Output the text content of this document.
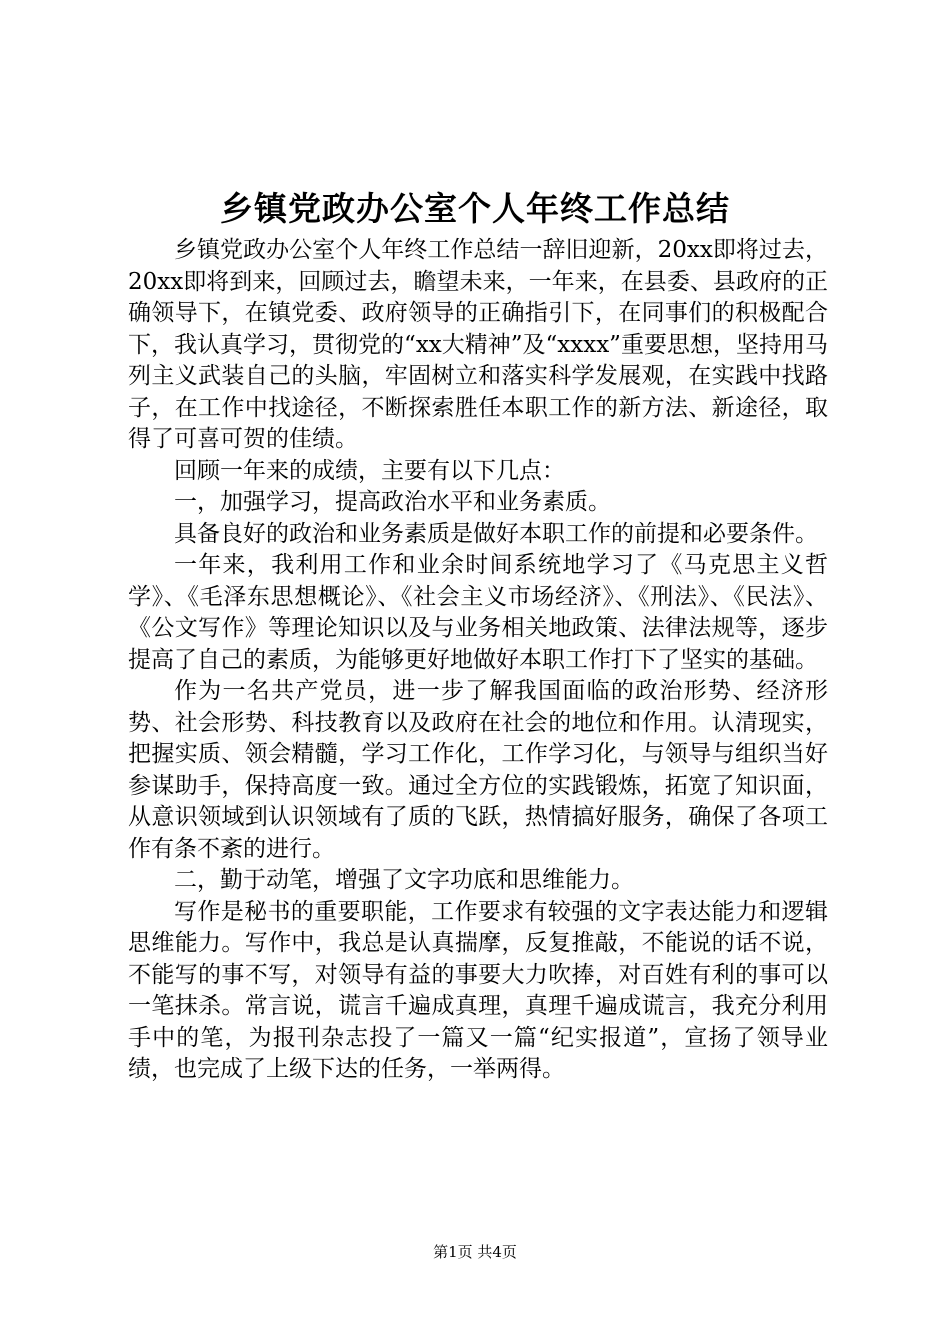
乡镇党政办公室个人年终工作总结

乡镇党政办公室个人年终工作总结一辞旧迎新，20xx即将过去，20xx即将到来，回顾过去，瞻望未来，一年来，在县委、县政府的正确领导下，在镇党委、政府领导的正确指引下，在同事们的积极配合下，我认真学习，贯彻党的“xx大精神”及“xxxx”重要思想，坚持用马列主义武装自己的头脑，牢固树立和落实科学发展观，在实践中找路子，在工作中找途径，不断探索胜任本职工作的新方法、新途径，取得了可喜可贺的佳绩。

回顾一年来的成绩，主要有以下几点：

一，加强学习，提高政治水平和业务素质。

具备良好的政治和业务素质是做好本职工作的前提和必要条件。

一年来，我利用工作和业余时间系统地学习了《马克思主义哲学》、《毛泽东思想概论》、《社会主义市场经济》、《刑法》、《民法》、《公文写作》等理论知识以及与业务相关地政策、法律法规等，逐步提高了自己的素质，为能够更好地做好本职工作打下了坚实的基础。

作为一名共产党员，进一步了解我国面临的政治形势、经济形势、社会形势、科技教育以及政府在社会的地位和作用。认清现实，把握实质、领会精髓，学习工作化，工作学习化，与领导与组织当好参谋助手，保持高度一致。通过全方位的实践锻炼，拓宽了知识面，从意识领域到认识领域有了质的飞跃，热情搞好服务，确保了各项工作有条不紊的进行。

二，勤于动笔，增强了文字功底和思维能力。

写作是秘书的重要职能，工作要求有较强的文字表达能力和逻辑思维能力。写作中，我总是认真揣摩，反复推敲，不能说的话不说，不能写的事不写，对领导有益的事要大力吹捧，对百姓有利的事可以一笔抹杀。常言说，谎言千遍成真理，真理千遍成谎言，我充分利用手中的笔，为报刊杂志投了一篇又一篇“纪实报道”，宣扬了领导业绩，也完成了上级下达的任务，一举两得。

第1页 共4页
